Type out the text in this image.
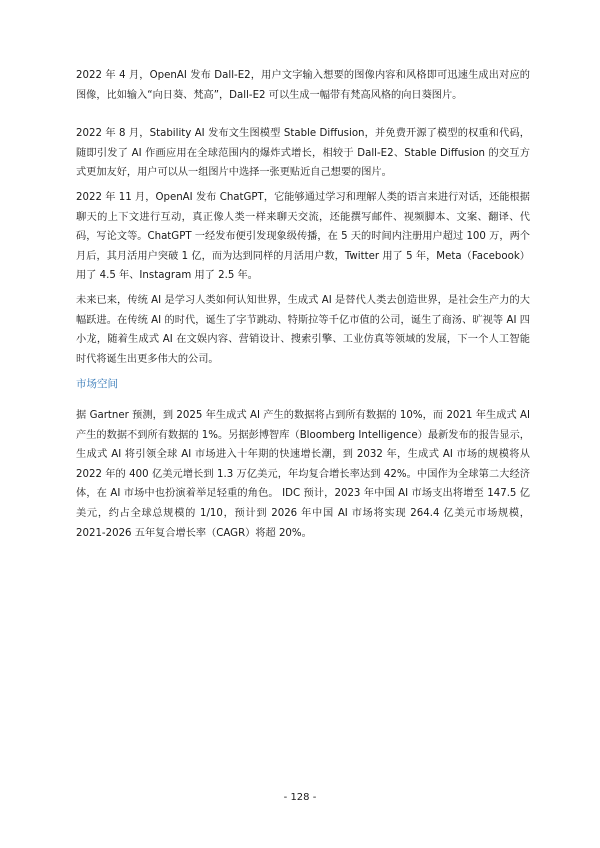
2022 年 4 月，OpenAI 发布 Dall-E2，用户文字输入想要的图像内容和风格即可迅速生成出对应的图像，比如输入“向日葵、梵高”，Dall-E2 可以生成一幅带有梵高风格的向日葵图片。

2022 年 8 月，Stability AI 发布文生图模型 Stable Diffusion，并免费开源了模型的权重和代码，随即引发了 AI 作画应用在全球范围内的爆炸式增长，相较于 Dall-E2、Stable Diffusion 的交互方式更加友好，用户可以从一组图片中选择一张更贴近自己想要的图片。

2022 年 11 月，OpenAI 发布 ChatGPT，它能够通过学习和理解人类的语言来进行对话，还能根据聊天的上下文进行互动，真正像人类一样来聊天交流，还能撰写邮件、视频脚本、文案、翻译、代码，写论文等。ChatGPT 一经发布便引发现象级传播，在 5 天的时间内注册用户超过 100 万，两个月后，其月活用户突破 1 亿，而为达到同样的月活用户数，Twitter 用了 5 年，Meta（Facebook）用了 4.5 年、Instagram 用了 2.5 年。

未来已来，传统 AI 是学习人类如何认知世界，生成式 AI 是替代人类去创造世界，是社会生产力的大幅跃进。在传统 AI 的时代，诞生了字节跳动、特斯拉等千亿市值的公司，诞生了商汤、旷视等 AI 四小龙，随着生成式 AI 在文娱内容、营销设计、搜索引擎、工业仿真等领域的发展，下一个人工智能时代将诞生出更多伟大的公司。

市场空间

据 Gartner 预测，到 2025 年生成式 AI 产生的数据将占到所有数据的 10%，而 2021 年生成式 AI 产生的数据不到所有数据的 1%。另据彭博智库（Bloomberg Intelligence）最新发布的报告显示，生成式 AI 将引领全球 AI 市场进入十年期的快速增长潮，到 2032 年，生成式 AI 市场的规模将从 2022 年的 400 亿美元增长到 1.3 万亿美元，年均复合增长率达到 42%。中国作为全球第二大经济体，在 AI 市场中也扮演着举足轻重的角色。 IDC 预计，2023 年中国 AI 市场支出将增至 147.5 亿美元，约占全球总规模的 1/10，预计到 2026 年中国 AI 市场将实现 264.4 亿美元市场规模，2021-2026 五年复合增长率（CAGR）将超 20%。

- 128 -
